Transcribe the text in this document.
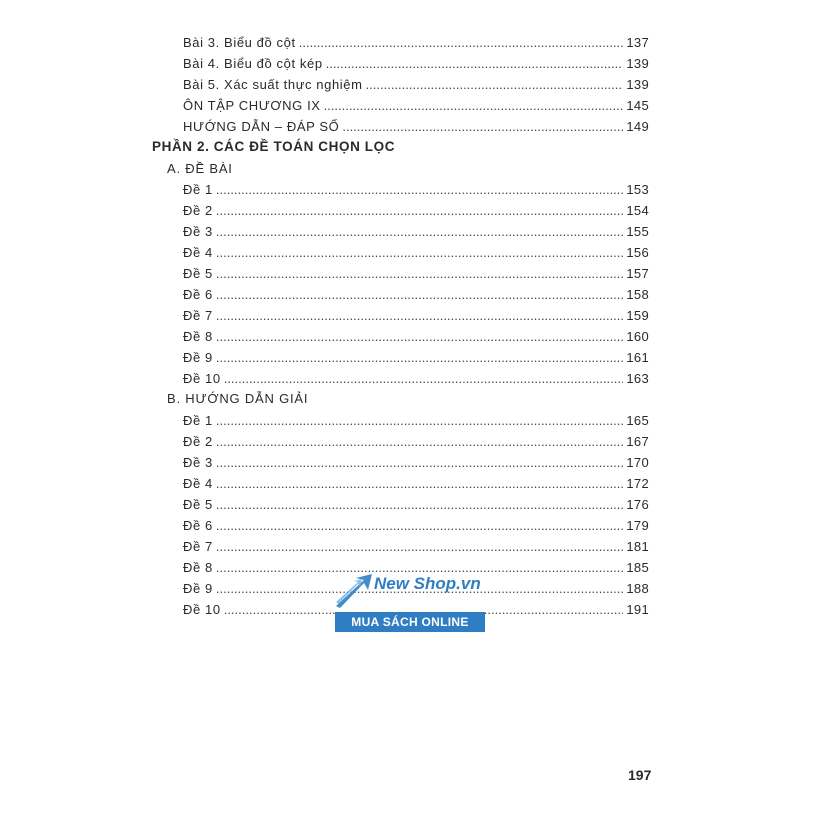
Bài 3. Biểu đồ cột .....	137
Bài 4. Biểu đồ cột kép .....	139
Bài 5. Xác suất thực nghiệm .....	139
ÔN TẬP CHƯƠNG IX .....	145
HƯỚNG DẪN – ĐÁP SỐ .....	149
PHẦN 2. CÁC ĐỀ TOÁN CHỌN LỌC
A. ĐỀ BÀI
Đề 1 .....	153
Đề 2 .....	154
Đề 3 .....	155
Đề 4 .....	156
Đề 5 .....	157
Đề 6 .....	158
Đề 7 .....	159
Đề 8 .....	160
Đề 9 .....	161
Đề 10 .....	163
B. HƯỚNG DẪN GIẢI
Đề 1 .....	165
Đề 2 .....	167
Đề 3 .....	170
Đề 4 .....	172
Đề 5 .....	176
Đề 6 .....	179
Đề 7 .....	181
Đề 8 .....	185
Đề 9 .....	188
Đề 10 .....	191
New Shop.vn
MUA SÁCH ONLINE
197
